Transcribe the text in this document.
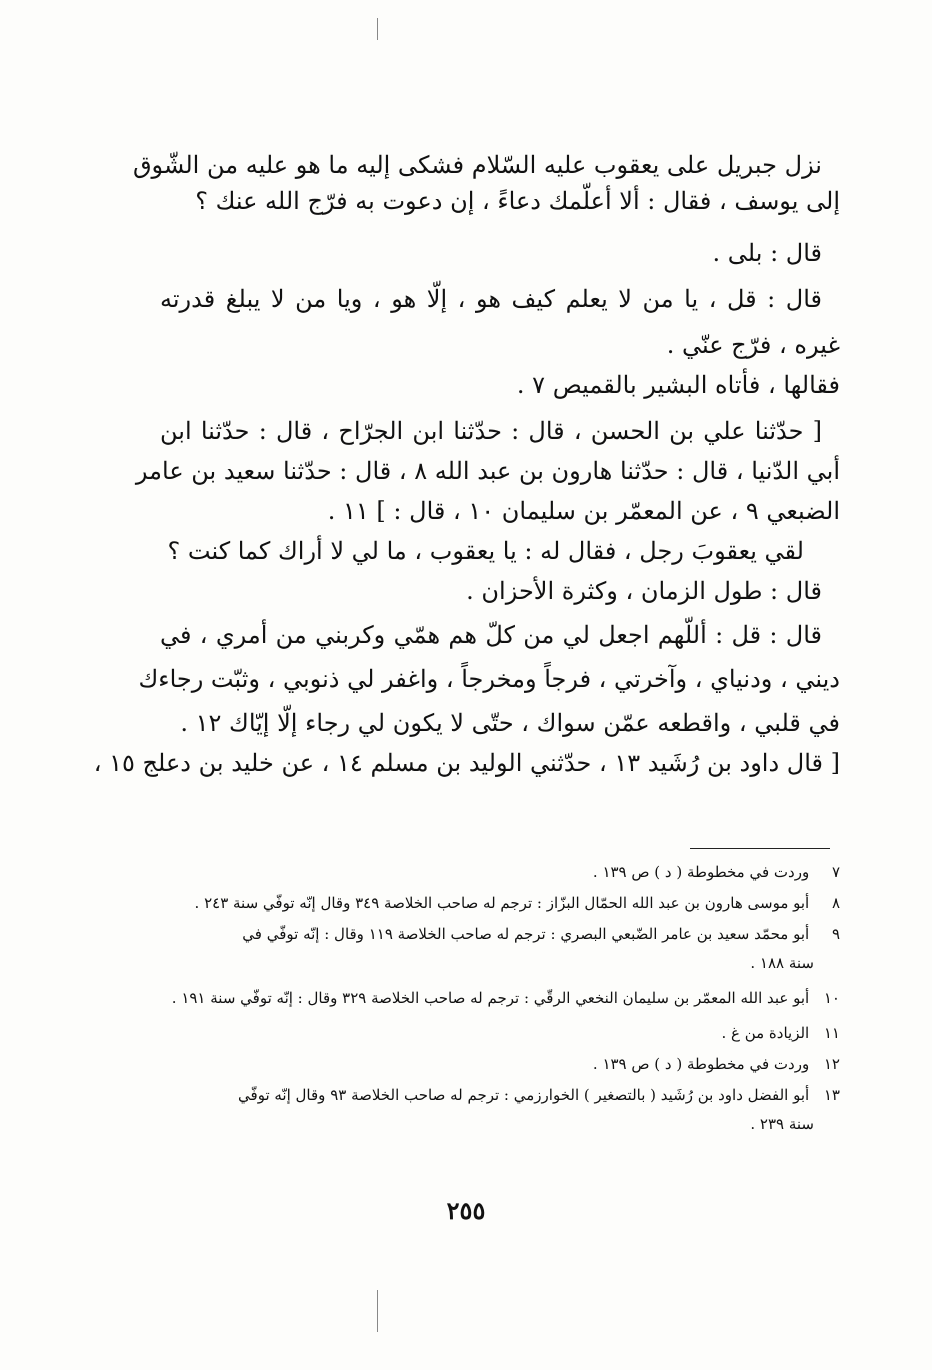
نزل جبريل على يعقوب عليه السّلام فشكى إليه ما هو عليه من الشّوق
إلى يوسف ، فقال : ألا أعلّمك دعاءً ، إن دعوت به فرّج الله عنك ؟
قال : بلى .
قال : قل ، يا من لا يعلم كيف هو ، إلّا هو ، ويا من لا يبلغ قدرته
غيره ، فرّج عنّي .
فقالها ، فأتاه البشير بالقميص ٧ .
[ حدّثنا علي بن الحسن ، قال : حدّثنا ابن الجرّاح ، قال : حدّثنا ابن
أبي الدّنيا ، قال : حدّثنا هارون بن عبد الله ٨ ، قال : حدّثنا سعيد بن عامر
الضبعي ٩ ، عن المعمّر بن سليمان ١٠ ، قال : ] ١١ .
لقي يعقوبَ رجل ، فقال له : يا يعقوب ، ما لي لا أراك كما كنت ؟
قال : طول الزمان ، وكثرة الأحزان .
قال : قل : أللّهم اجعل لي من كلّ هم همّي وكربني من أمري ، في
ديني ، ودنياي ، وآخرتي ، فرجاً ومخرجاً ، واغفر لي ذنوبي ، وثبّت رجاءك
في قلبي ، واقطعه عمّن سواك ، حتّى لا يكون لي رجاء إلّا إيّاك ١٢ .
[ قال داود بن رُشَيد ١٣ ، حدّثني الوليد بن مسلم ١٤ ، عن خليد بن دعلج ١٥ ،
٧ وردت في مخطوطة ( د ) ص ١٣٩ .
٨ أبو موسى هارون بن عبد الله الحمّال البزّاز : ترجم له صاحب الخلاصة ٣٤٩ وقال إنّه توفّي سنة ٢٤٣ .
٩ أبو محمّد سعيد بن عامر الضّبعي البصري : ترجم له صاحب الخلاصة ١١٩ وقال : إنّه توفّي في
سنة ١٨٨ .
١٠ أبو عبد الله المعمّر بن سليمان النخعي الرقّي : ترجم له صاحب الخلاصة ٣٢٩ وقال : إنّه توفّي سنة ١٩١ .
١١ الزيادة من غ .
١٢ وردت في مخطوطة ( د ) ص ١٣٩ .
١٣ أبو الفضل داود بن رُشَيد ( بالتصغير ) الخوارزمي : ترجم له صاحب الخلاصة ٩٣ وقال إنّه توفّي
سنة ٢٣٩ .
٢٥٥
